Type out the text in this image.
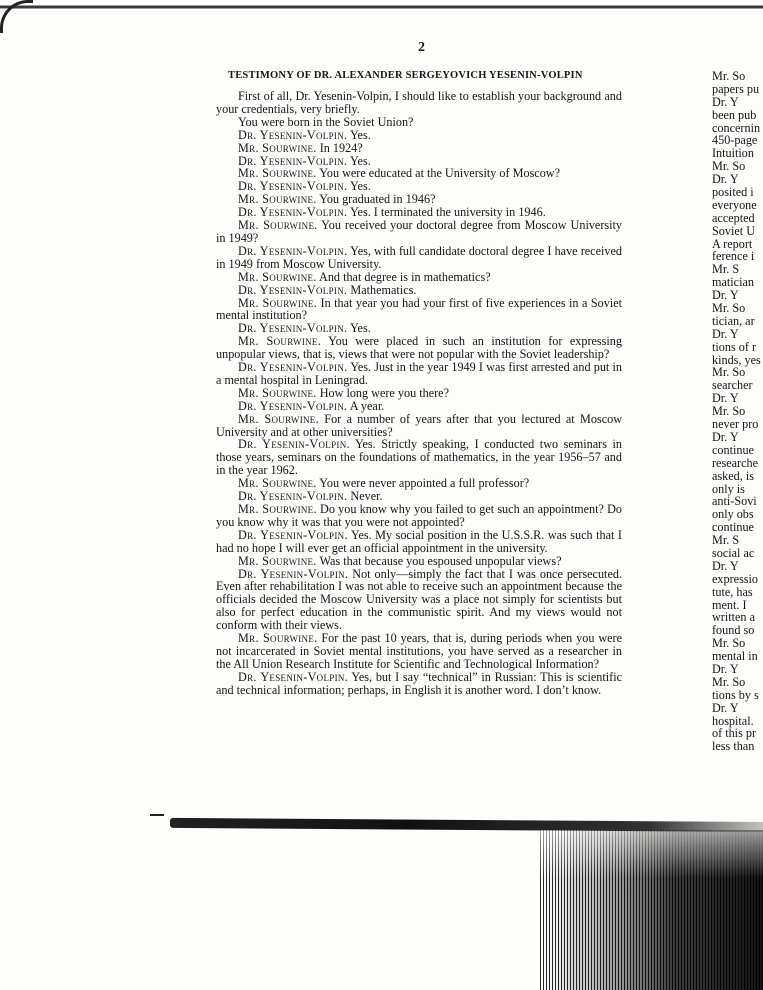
2
TESTIMONY OF DR. ALEXANDER SERGEYOVICH YESENIN-VOLPIN

First of all, Dr. Yesenin-Volpin, I should like to establish your background and your credentials, very briefly.

You were born in the Soviet Union?

Dr. Yesenin-Volpin. Yes.

Mr. Sourwine. In 1924?

Dr. Yesenin-Volpin. Yes.

Mr. Sourwine. You were educated at the University of Moscow?

Dr. Yesenin-Volpin. Yes.

Mr. Sourwine. You graduated in 1946?

Dr. Yesenin-Volpin. Yes. I terminated the university in 1946.

Mr. Sourwine. You received your doctoral degree from Moscow University in 1949?

Dr. Yesenin-Volpin. Yes, with full candidate doctoral degree I have received in 1949 from Moscow University.

Mr. Sourwine. And that degree is in mathematics?

Dr. Yesenin-Volpin. Mathematics.

Mr. Sourwine. In that year you had your first of five experiences in a Soviet mental institution?

Dr. Yesenin-Volpin. Yes.

Mr. Sourwine. You were placed in such an institution for expressing unpopular views, that is, views that were not popular with the Soviet leadership?

Dr. Yesenin-Volpin. Yes. Just in the year 1949 I was first arrested and put in a mental hospital in Leningrad.

Mr. Sourwine. How long were you there?

Dr. Yesenin-Volpin. A year.

Mr. Sourwine. For a number of years after that you lectured at Moscow University and at other universities?

Dr. Yesenin-Volpin. Yes. Strictly speaking, I conducted two seminars in those years, seminars on the foundations of mathematics, in the year 1956–57 and in the year 1962.

Mr. Sourwine. You were never appointed a full professor?

Dr. Yesenin-Volpin. Never.

Mr. Sourwine. Do you know why you failed to get such an appointment? Do you know why it was that you were not appointed?

Dr. Yesenin-Volpin. Yes. My social position in the U.S.S.R. was such that I had no hope I will ever get an official appointment in the university.

Mr. Sourwine. Was that because you espoused unpopular views?

Dr. Yesenin-Volpin. Not only—simply the fact that I was once persecuted. Even after rehabilitation I was not able to receive such an appointment because the officials decided the Moscow University was a place not simply for scientists but also for perfect education in the communistic spirit. And my views would not conform with their views.

Mr. Sourwine. For the past 10 years, that is, during periods when you were not incarcerated in Soviet mental institutions, you have served as a researcher in the All Union Research Institute for Scientific and Technological Information?

Dr. Yesenin-Volpin. Yes, but I say “technical” in Russian: This is scientific and technical information; perhaps, in English it is another word. I don’t know.

Mr. So
papers pu
Dr. Y
been pub
concernin
450-page
Intuition
Mr. So
Dr. Y
posited i
everyone
accepted
Soviet U
A report
ference i
Mr. S
matician
Dr. Y
Mr. So
tician, ar
Dr. Y
tions of r
kinds, yes
Mr. So
searcher
Dr. Y
Mr. So
never pro
Dr. Y
continue
researche
asked, is
only is
anti-Sovi
only obs
continue
Mr. S
social ac
Dr. Y
expressio
tute, has
ment. I
written a
found so
Mr. So
mental in
Dr. Y
Mr. So
tions by s
Dr. Y
hospital.
of this pr
less than
